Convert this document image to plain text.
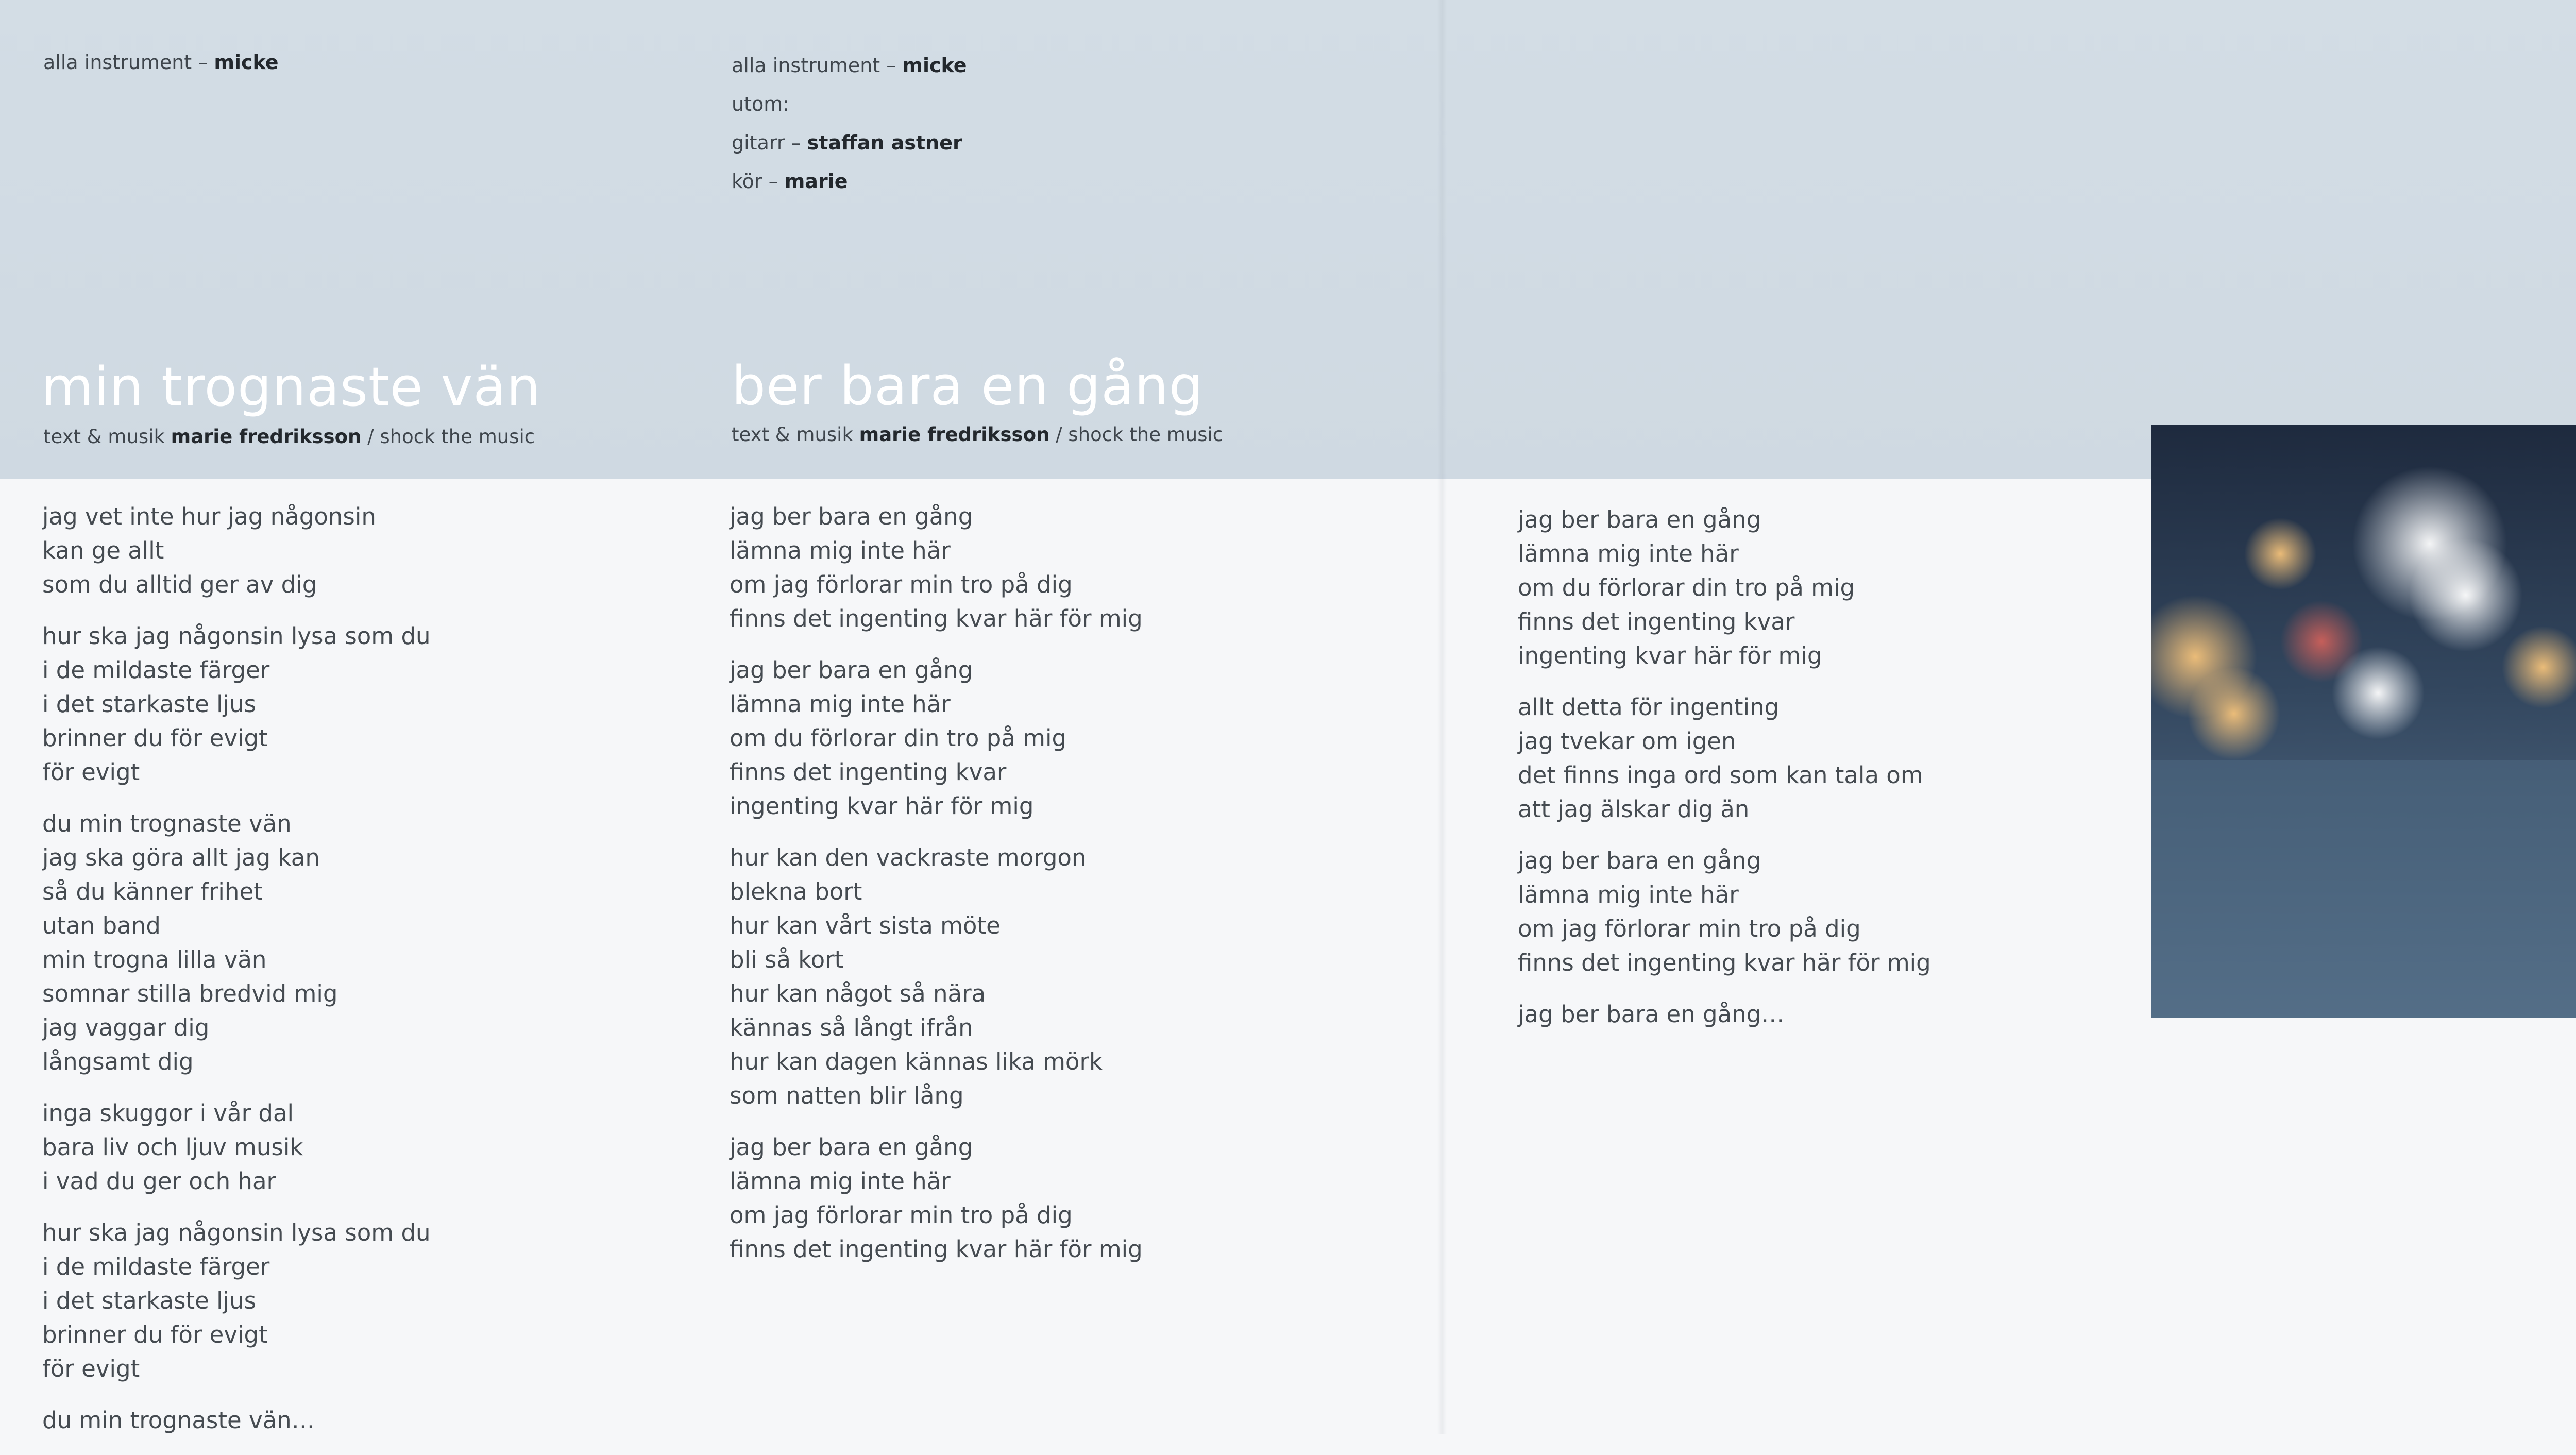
alla instrument – micke
min trognaste vän
text & musik marie fredriksson / shock the music
jag vet inte hur jag någonsin
kan ge allt
som du alltid ger av dig
hur ska jag någonsin lysa som du
i de mildaste färger
i det starkaste ljus
brinner du för evigt
för evigt
du min trognaste vän
jag ska göra allt jag kan
så du känner frihet
utan band
min trogna lilla vän
somnar stilla bredvid mig
jag vaggar dig
långsamt dig
inga skuggor i vår dal
bara liv och ljuv musik
i vad du ger och har
hur ska jag någonsin lysa som du
i de mildaste färger
i det starkaste ljus
brinner du för evigt
för evigt
du min trognaste vän…
alla instrument – micke
utom:
gitarr – staffan astner
kör – marie
ber bara en gång
text & musik marie fredriksson / shock the music
jag ber bara en gång
lämna mig inte här
om jag förlorar min tro på dig
finns det ingenting kvar här för mig
jag ber bara en gång
lämna mig inte här
om du förlorar din tro på mig
finns det ingenting kvar
ingenting kvar här för mig
hur kan den vackraste morgon
blekna bort
hur kan vårt sista möte
bli så kort
hur kan något så nära
kännas så långt ifrån
hur kan dagen kännas lika mörk
som natten blir lång
jag ber bara en gång
lämna mig inte här
om jag förlorar min tro på dig
finns det ingenting kvar här för mig
jag ber bara en gång
lämna mig inte här
om du förlorar din tro på mig
finns det ingenting kvar
ingenting kvar här för mig
allt detta för ingenting
jag tvekar om igen
det finns inga ord som kan tala om
att jag älskar dig än
jag ber bara en gång
lämna mig inte här
om jag förlorar min tro på dig
finns det ingenting kvar här för mig
jag ber bara en gång…
